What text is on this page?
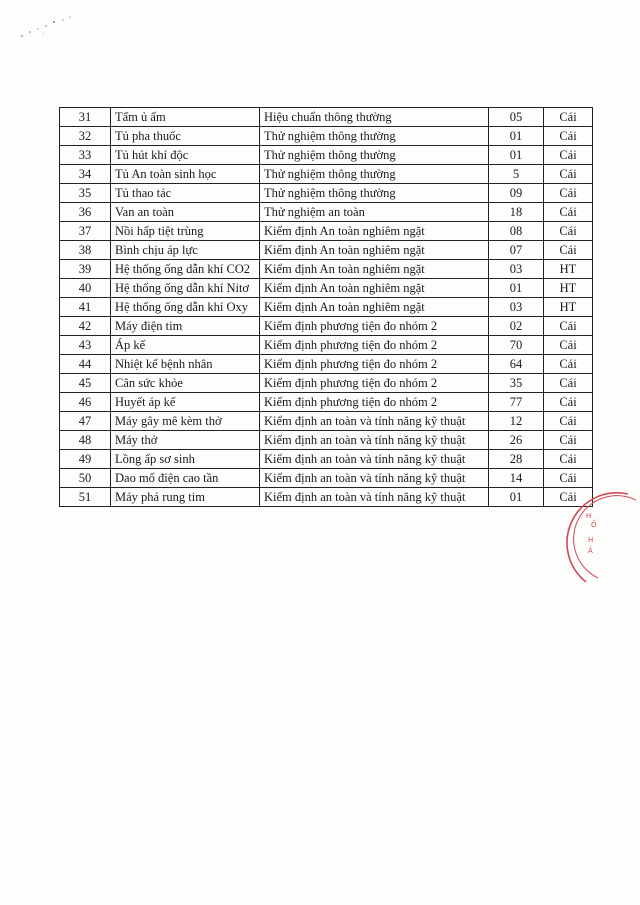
31	Tấm ủ ấm	Hiệu chuẩn thông thường	05	Cái
32	Tủ pha thuốc	Thử nghiệm thông thường	01	Cái
33	Tủ hút khí độc	Thử nghiệm thông thường	01	Cái
34	Tủ An toàn sinh học	Thử nghiệm thông thường	5	Cái
35	Tủ thao tác	Thử nghiệm thông thường	09	Cái
36	Van an toàn	Thử nghiệm an toàn	18	Cái
37	Nồi hấp tiệt trùng	Kiểm định An toàn nghiêm ngặt	08	Cái
38	Bình chịu áp lực	Kiểm định An toàn nghiêm ngặt	07	Cái
39	Hệ thống ống dẫn khí CO2	Kiểm định An toàn nghiêm ngặt	03	HT
40	Hệ thống ống dẫn khí Nitơ	Kiểm định An toàn nghiêm ngặt	01	HT
41	Hệ thống ống dẫn khí Oxy	Kiểm định An toàn nghiêm ngặt	03	HT
42	Máy điện tim	Kiểm định phương tiện đo nhóm 2	02	Cái
43	Áp kế	Kiểm định phương tiện đo nhóm 2	70	Cái
44	Nhiệt kế bệnh nhân	Kiểm định phương tiện đo nhóm 2	64	Cái
45	Cân sức khỏe	Kiểm định phương tiện đo nhóm 2	35	Cái
46	Huyết áp kế	Kiểm định phương tiện đo nhóm 2	77	Cái
47	Máy gây mê kèm thở	Kiểm định an toàn và tính năng kỹ thuật	12	Cái
48	Máy thở	Kiểm định an toàn và tính năng kỹ thuật	26	Cái
49	Lồng ấp sơ sinh	Kiểm định an toàn và tính năng kỹ thuật	28	Cái
50	Dao mổ điện cao tần	Kiểm định an toàn và tính năng kỹ thuật	14	Cái
51	Máy phá rung tim	Kiểm định an toàn và tính năng kỹ thuật	01	Cái
H
Ồ
H
Ả
